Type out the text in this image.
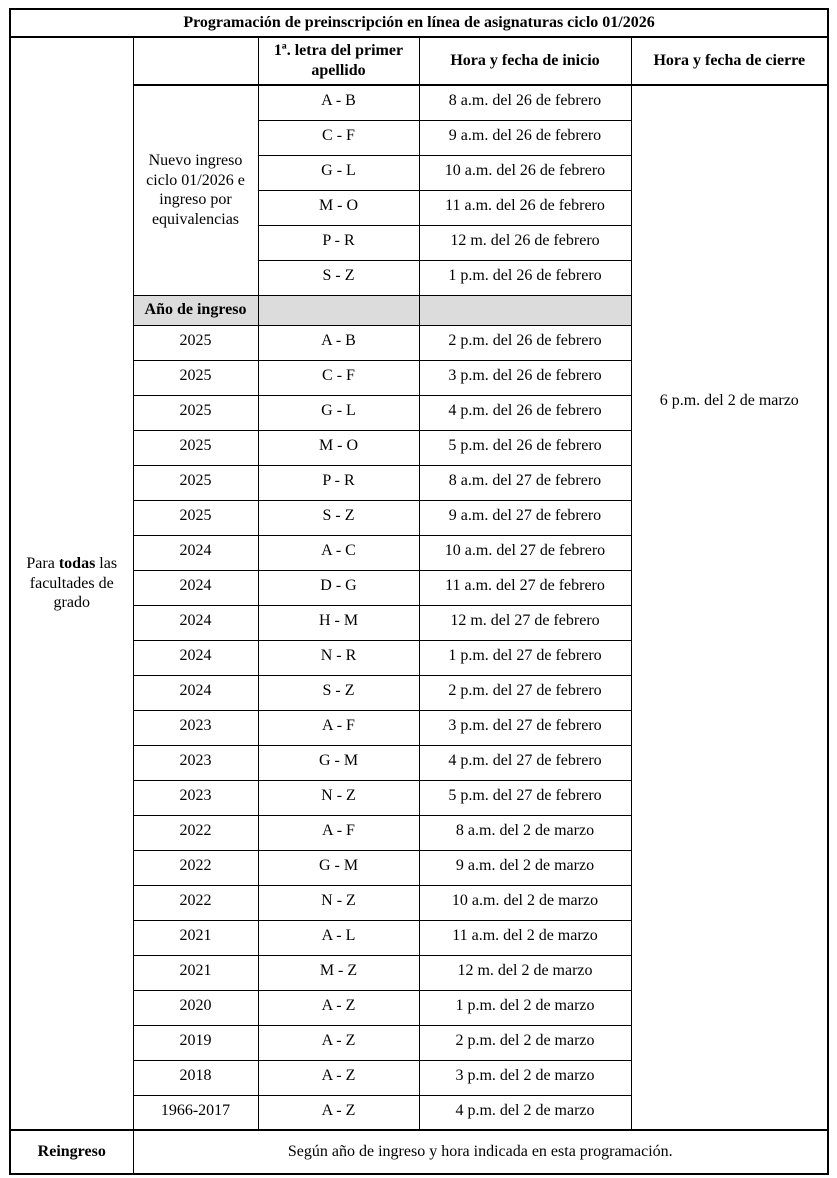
Programación de preinscripción en línea de asignaturas ciclo 01/2026				
Para todas las facultades de grado		1ª. letra del primer apellido	Hora y fecha de inicio	Hora y fecha de cierre
	Nuevo ingreso ciclo 01/2026 e ingreso por equivalencias	A - B	8 a.m. del 26 de febrero	6 p.m. del 2 de marzo
		C - F	9 a.m. del 26 de febrero	
		G - L	10 a.m. del 26 de febrero	
		M - O	11 a.m. del 26 de febrero	
		P - R	12 m. del 26 de febrero	
		S - Z	1 p.m. del 26 de febrero	
	Año de ingreso			
	2025	A - B	2 p.m. del 26 de febrero	
	2025	C - F	3 p.m. del 26 de febrero	
	2025	G - L	4 p.m. del 26 de febrero	
	2025	M - O	5 p.m. del 26 de febrero	
	2025	P - R	8 a.m. del 27 de febrero	
	2025	S - Z	9 a.m. del 27 de febrero	
	2024	A - C	10 a.m. del 27 de febrero	
	2024	D - G	11 a.m. del 27 de febrero	
	2024	H - M	12 m. del 27 de febrero	
	2024	N - R	1 p.m. del 27 de febrero	
	2024	S - Z	2 p.m. del 27 de febrero	
	2023	A - F	3 p.m. del 27 de febrero	
	2023	G - M	4 p.m. del 27 de febrero	
	2023	N - Z	5 p.m. del 27 de febrero	
	2022	A - F	8 a.m. del 2 de marzo	
	2022	G - M	9 a.m. del 2 de marzo	
	2022	N - Z	10 a.m. del 2 de marzo	
	2021	A - L	11 a.m. del 2 de marzo	
	2021	M - Z	12 m. del 2 de marzo	
	2020	A - Z	1 p.m. del 2 de marzo	
	2019	A - Z	2 p.m. del 2 de marzo	
	2018	A - Z	3 p.m. del 2 de marzo	
	1966-2017	A - Z	4 p.m. del 2 de marzo	
Reingreso	Según año de ingreso y hora indicada en esta programación.			
